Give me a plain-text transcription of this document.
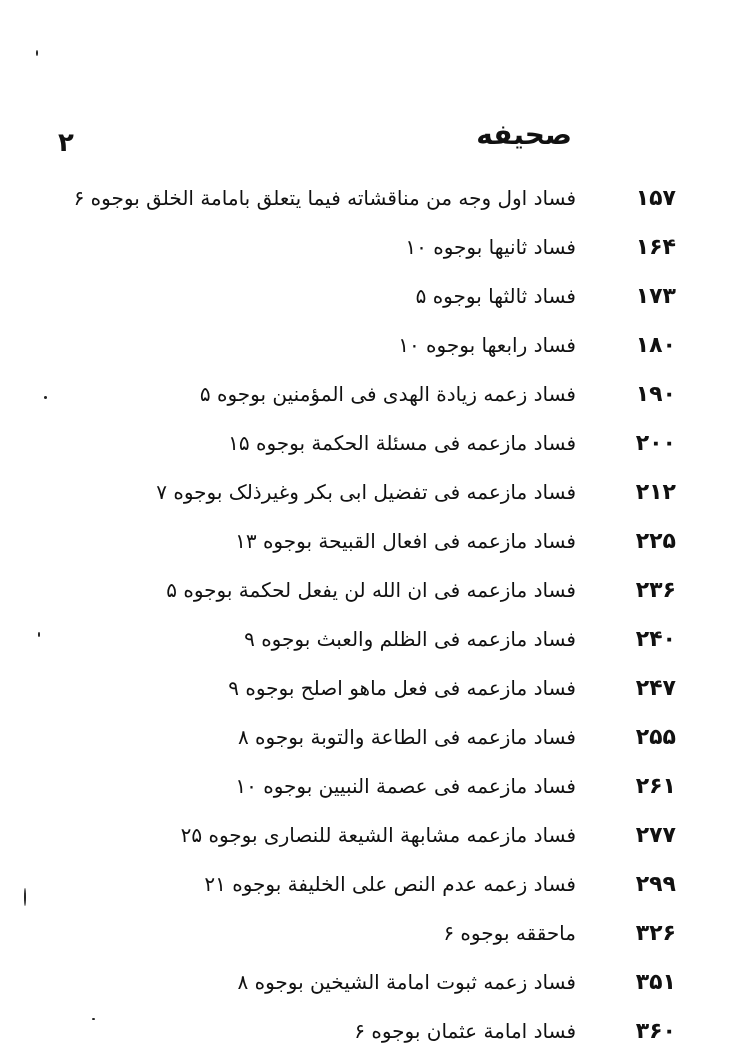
۲	صحیفه
۱۵۷
فساد اول وجه من مناقشاته فیما یتعلق بامامة الخلق بوجوه ۶
۱۶۴
فساد ثانیها بوجوه ۱۰
۱۷۳
فساد ثالثها بوجوه ۵
۱۸۰
فساد رابعها بوجوه ۱۰
۱۹۰
فساد زعمه زیادة الهدی فی المؤمنین بوجوه ۵
۲۰۰
فساد مازعمه فی مسئلة الحکمة بوجوه ۱۵
۲۱۲
فساد مازعمه فی تفضیل ابی بکر وغیرذلک بوجوه ۷
۲۲۵
فساد مازعمه فی افعال القبیحة بوجوه ۱۳
۲۳۶
فساد مازعمه فی ان الله لن یفعل لحکمة بوجوه ۵
۲۴۰
فساد مازعمه فی الظلم والعبث بوجوه ۹
۲۴۷
فساد مازعمه فی فعل ماهو اصلح بوجوه ۹
۲۵۵
فساد مازعمه فی الطاعة والتوبة بوجوه ۸
۲۶۱
فساد مازعمه فی عصمة النبیین بوجوه ۱۰
۲۷۷
فساد مازعمه مشابهة الشیعة للنصاری بوجوه ۲۵
۲۹۹
فساد زعمه عدم النص علی الخلیفة بوجوه ۲۱
۳۲۶
ماحققه بوجوه ۶
۳۵۱
فساد زعمه ثبوت امامة الشیخین بوجوه ۸
۳۶۰
فساد امامة عثمان بوجوه ۶
